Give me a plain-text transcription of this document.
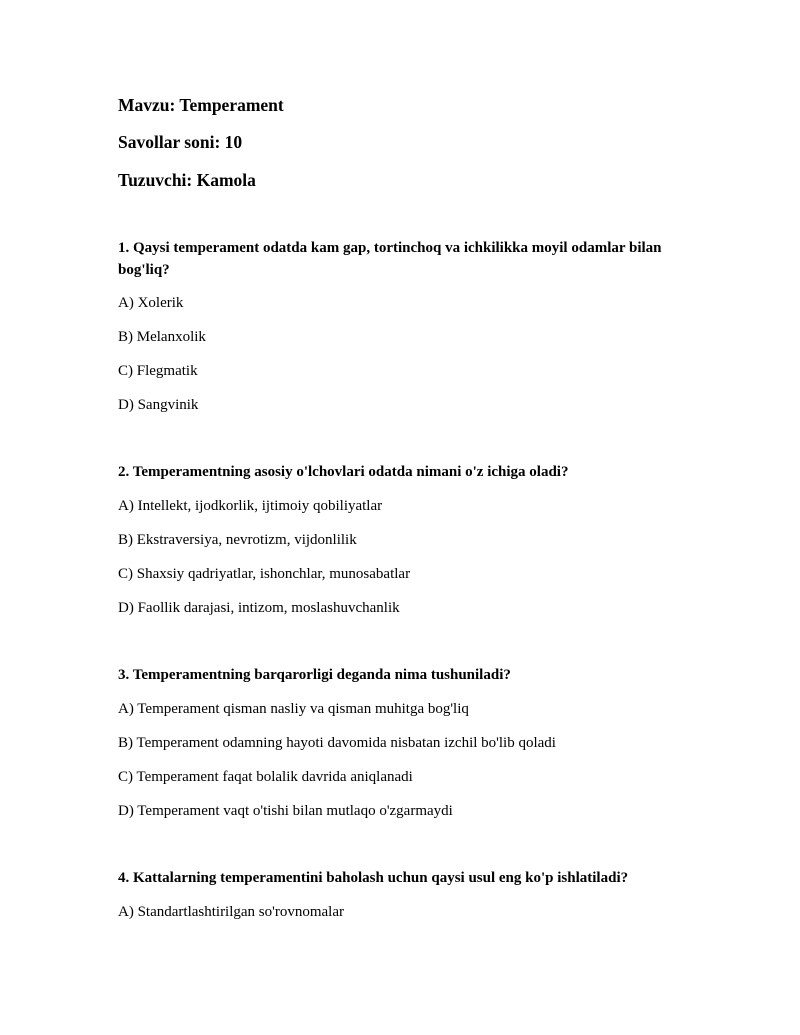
Mavzu: Temperament
Savollar soni: 10
Tuzuvchi: Kamola

1. Qaysi temperament odatda kam gap, tortinchoq va ichkilikka moyil odamlar bilan bog'liq?

A) Xolerik

B) Melanxolik

C) Flegmatik

D) Sangvinik

2. Temperamentning asosiy o'lchovlari odatda nimani o'z ichiga oladi?

A) Intellekt, ijodkorlik, ijtimoiy qobiliyatlar

B) Ekstraversiya, nevrotizm, vijdonlilik

C) Shaxsiy qadriyatlar, ishonchlar, munosabatlar

D) Faollik darajasi, intizom, moslashuvchanlik

3. Temperamentning barqarorligi deganda nima tushuniladi?

A) Temperament qisman nasliy va qisman muhitga bog'liq

B) Temperament odamning hayoti davomida nisbatan izchil bo'lib qoladi

C) Temperament faqat bolalik davrida aniqlanadi

D) Temperament vaqt o'tishi bilan mutlaqo o'zgarmaydi

4. Kattalarning temperamentini baholash uchun qaysi usul eng ko'p ishlatiladi?

A) Standartlashtirilgan so'rovnomalar
